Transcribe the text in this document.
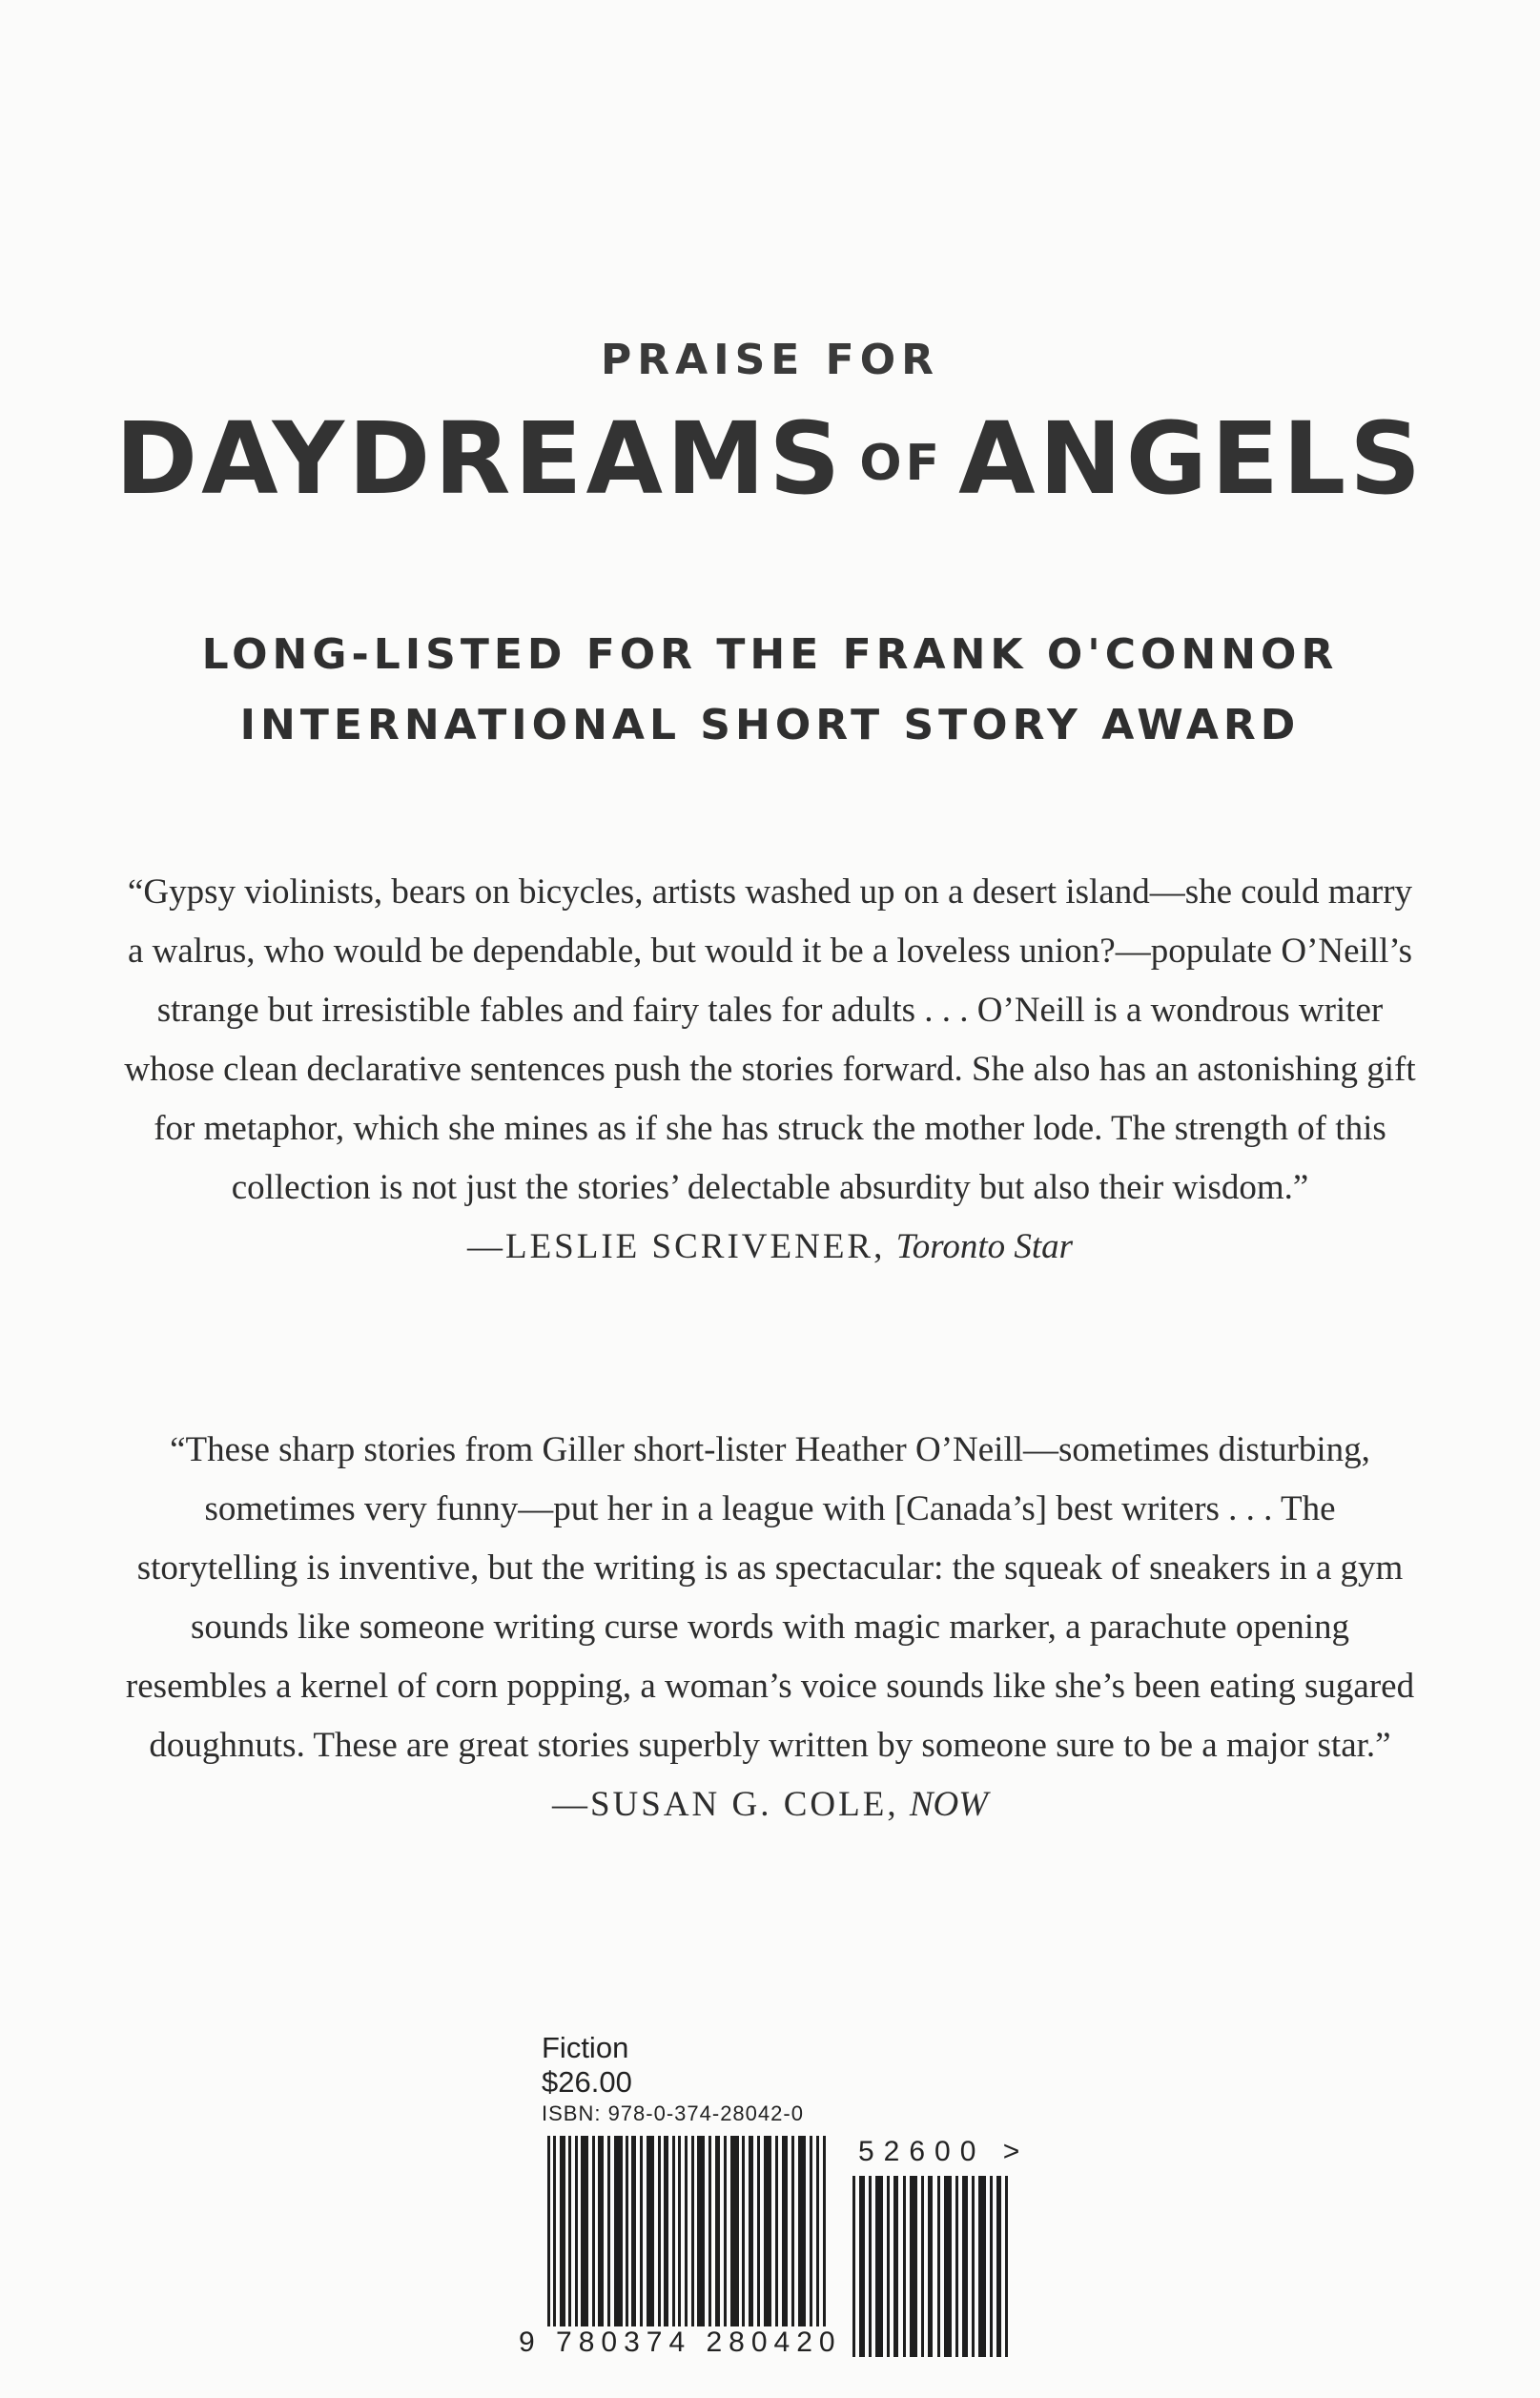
PRAISE FOR
DAYDREAMS OF ANGELS
LONG-LISTED FOR THE FRANK O'CONNOR
INTERNATIONAL SHORT STORY AWARD

“Gypsy violinists, bears on bicycles, artists washed up on a desert island—she could marry a walrus, who would be dependable, but would it be a loveless union?—populate O’Neill’s strange but irresistible fables and fairy tales for adults . . . O’Neill is a wondrous writer whose clean declarative sentences push the stories forward. She also has an astonishing gift for metaphor, which she mines as if she has struck the mother lode. The strength of this collection is not just the stories’ delectable absurdity but also their wisdom.”

—LESLIE SCRIVENER, Toronto Star

“These sharp stories from Giller short-lister Heather O’Neill—sometimes disturbing, sometimes very funny—put her in a league with [Canada’s] best writers . . . The storytelling is inventive, but the writing is as spectacular: the squeak of sneakers in a gym sounds like someone writing curse words with magic marker, a parachute opening resembles a kernel of corn popping, a woman’s voice sounds like she’s been eating sugared doughnuts. These are great stories superbly written by someone sure to be a major star.”

—SUSAN G. COLE, NOW

Fiction
$26.00
ISBN: 978-0-374-28042-0
9 780374 280420
52600 >
